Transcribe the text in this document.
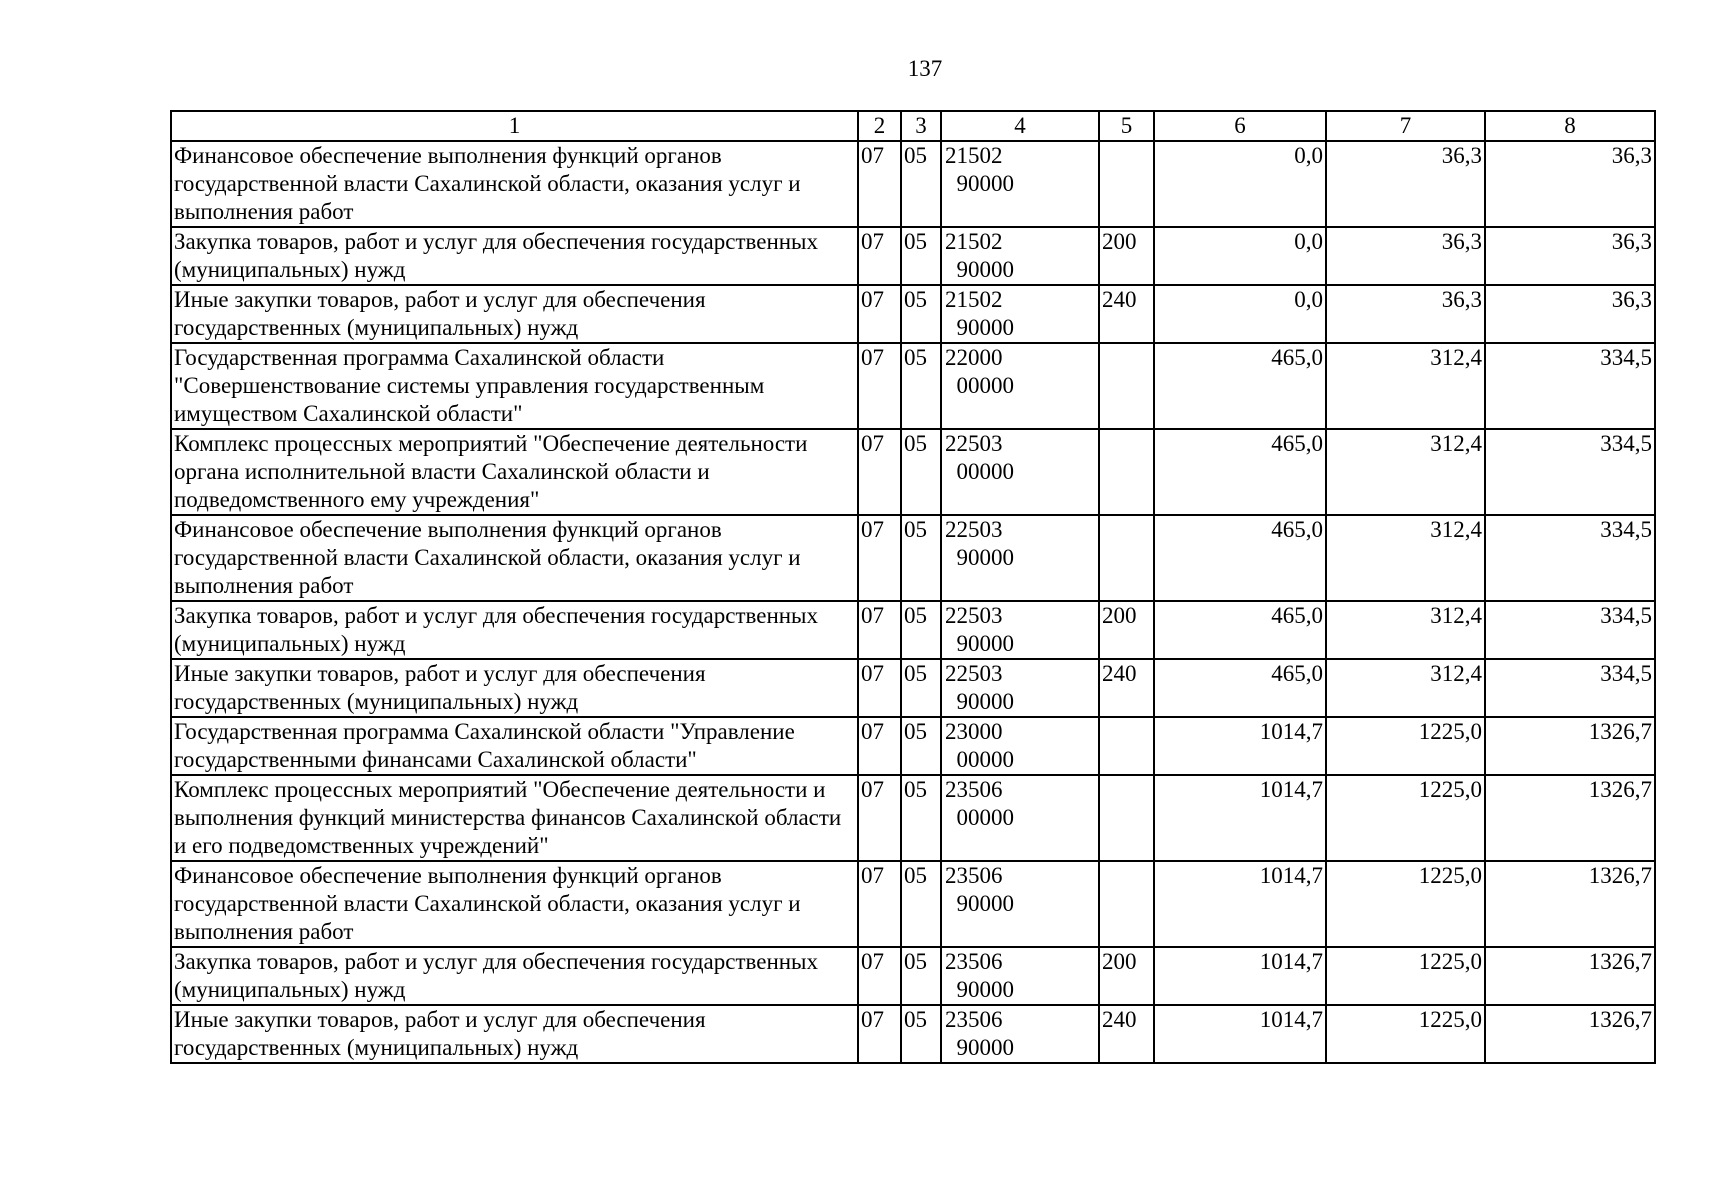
137
1	2	3	4	5	6	7	8
Финансовое обеспечение выполнения функций органов государственной власти Сахалинской области, оказания услуг и выполнения работ	07	05	2150290000		0,0	36,3	36,3
Закупка товаров, работ и услуг для обеспечения государственных (муниципальных) нужд	07	05	2150290000	200	0,0	36,3	36,3
Иные закупки товаров, работ и услуг для обеспечения государственных (муниципальных) нужд	07	05	2150290000	240	0,0	36,3	36,3
Государственная программа Сахалинской области "Совершенствование системы управления государственным имуществом Сахалинской области"	07	05	2200000000		465,0	312,4	334,5
Комплекс процессных мероприятий "Обеспечение деятельности органа исполнительной власти Сахалинской области и подведомственного ему учреждения"	07	05	2250300000		465,0	312,4	334,5
Финансовое обеспечение выполнения функций органов государственной власти Сахалинской области, оказания услуг и выполнения работ	07	05	2250390000		465,0	312,4	334,5
Закупка товаров, работ и услуг для обеспечения государственных (муниципальных) нужд	07	05	2250390000	200	465,0	312,4	334,5
Иные закупки товаров, работ и услуг для обеспечения государственных (муниципальных) нужд	07	05	2250390000	240	465,0	312,4	334,5
Государственная программа Сахалинской области "Управление государственными финансами Сахалинской области"	07	05	2300000000		1014,7	1225,0	1326,7
Комплекс процессных мероприятий "Обеспечение деятельности и выполнения функций министерства финансов Сахалинской области и его подведомственных учреждений"	07	05	2350600000		1014,7	1225,0	1326,7
Финансовое обеспечение выполнения функций органов государственной власти Сахалинской области, оказания услуг и выполнения работ	07	05	2350690000		1014,7	1225,0	1326,7
Закупка товаров, работ и услуг для обеспечения государственных (муниципальных) нужд	07	05	2350690000	200	1014,7	1225,0	1326,7
Иные закупки товаров, работ и услуг для обеспечения государственных (муниципальных) нужд	07	05	2350690000	240	1014,7	1225,0	1326,7
